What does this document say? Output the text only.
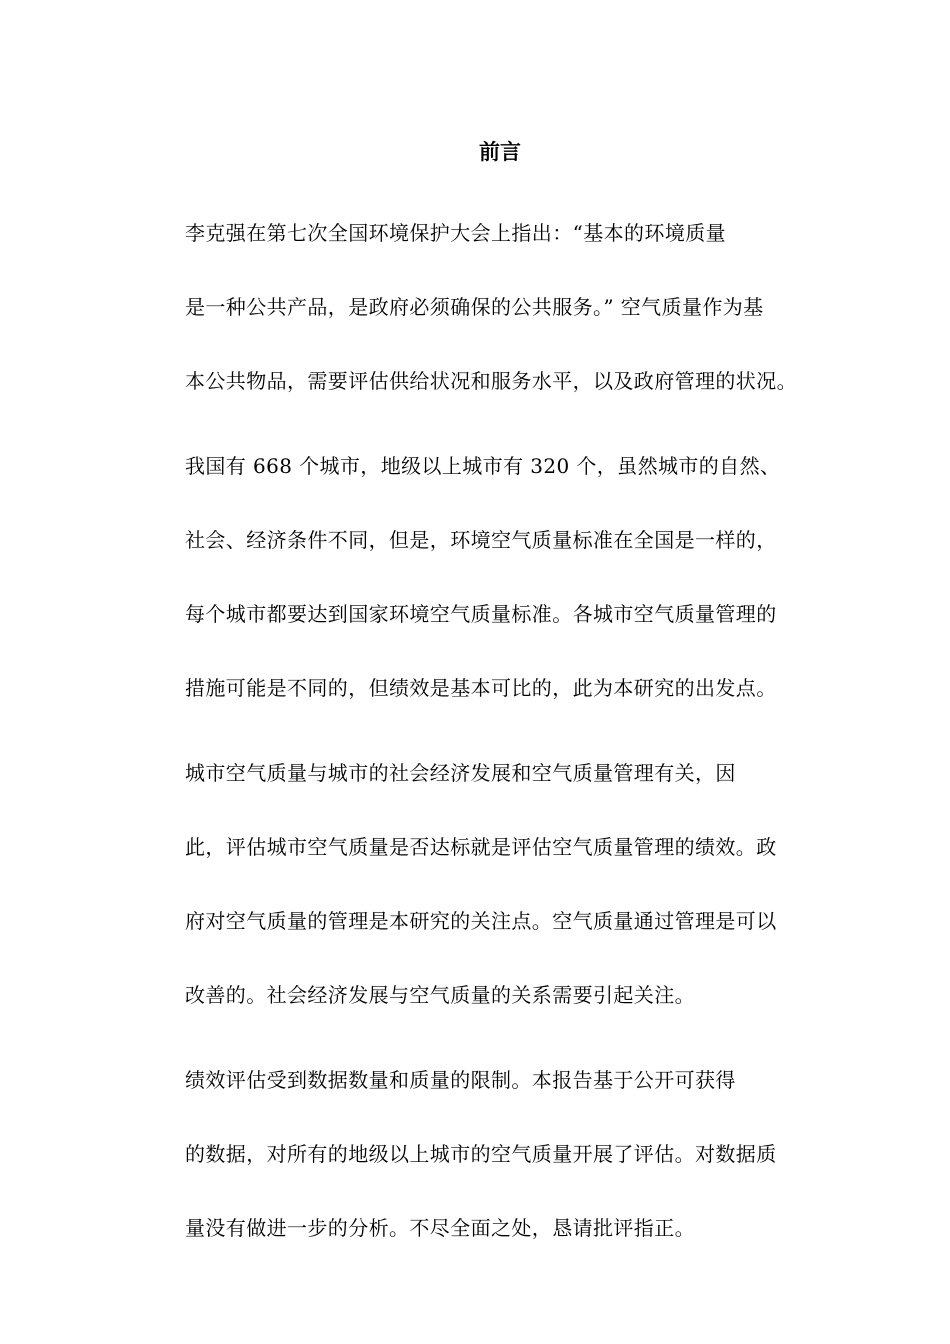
前言

李克强在第七次全国环境保护大会上指出：“基本的环境质量
是一种公共产品，是政府必须确保的公共服务。” 空气质量作为基
本公共物品，需要评估供给状况和服务水平，以及政府管理的状况。

我国有 668 个城市，地级以上城市有 320 个，虽然城市的自然、
社会、经济条件不同，但是，环境空气质量标准在全国是一样的，
每个城市都要达到国家环境空气质量标准。各城市空气质量管理的
措施可能是不同的，但绩效是基本可比的，此为本研究的出发点。

城市空气质量与城市的社会经济发展和空气质量管理有关，因
此，评估城市空气质量是否达标就是评估空气质量管理的绩效。政
府对空气质量的管理是本研究的关注点。空气质量通过管理是可以
改善的。社会经济发展与空气质量的关系需要引起关注。

绩效评估受到数据数量和质量的限制。本报告基于公开可获得
的数据，对所有的地级以上城市的空气质量开展了评估。对数据质
量没有做进一步的分析。不尽全面之处，恳请批评指正。
